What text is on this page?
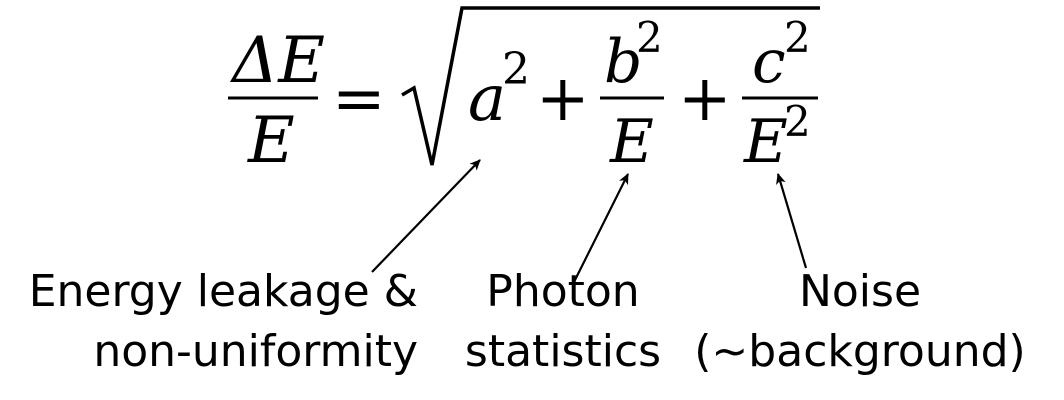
ΔE
E
= a
2 + b
2
E
+ c
2
E
2
Energy leakage &
non-uniformity
Photon
statistics
Noise
(~background)
